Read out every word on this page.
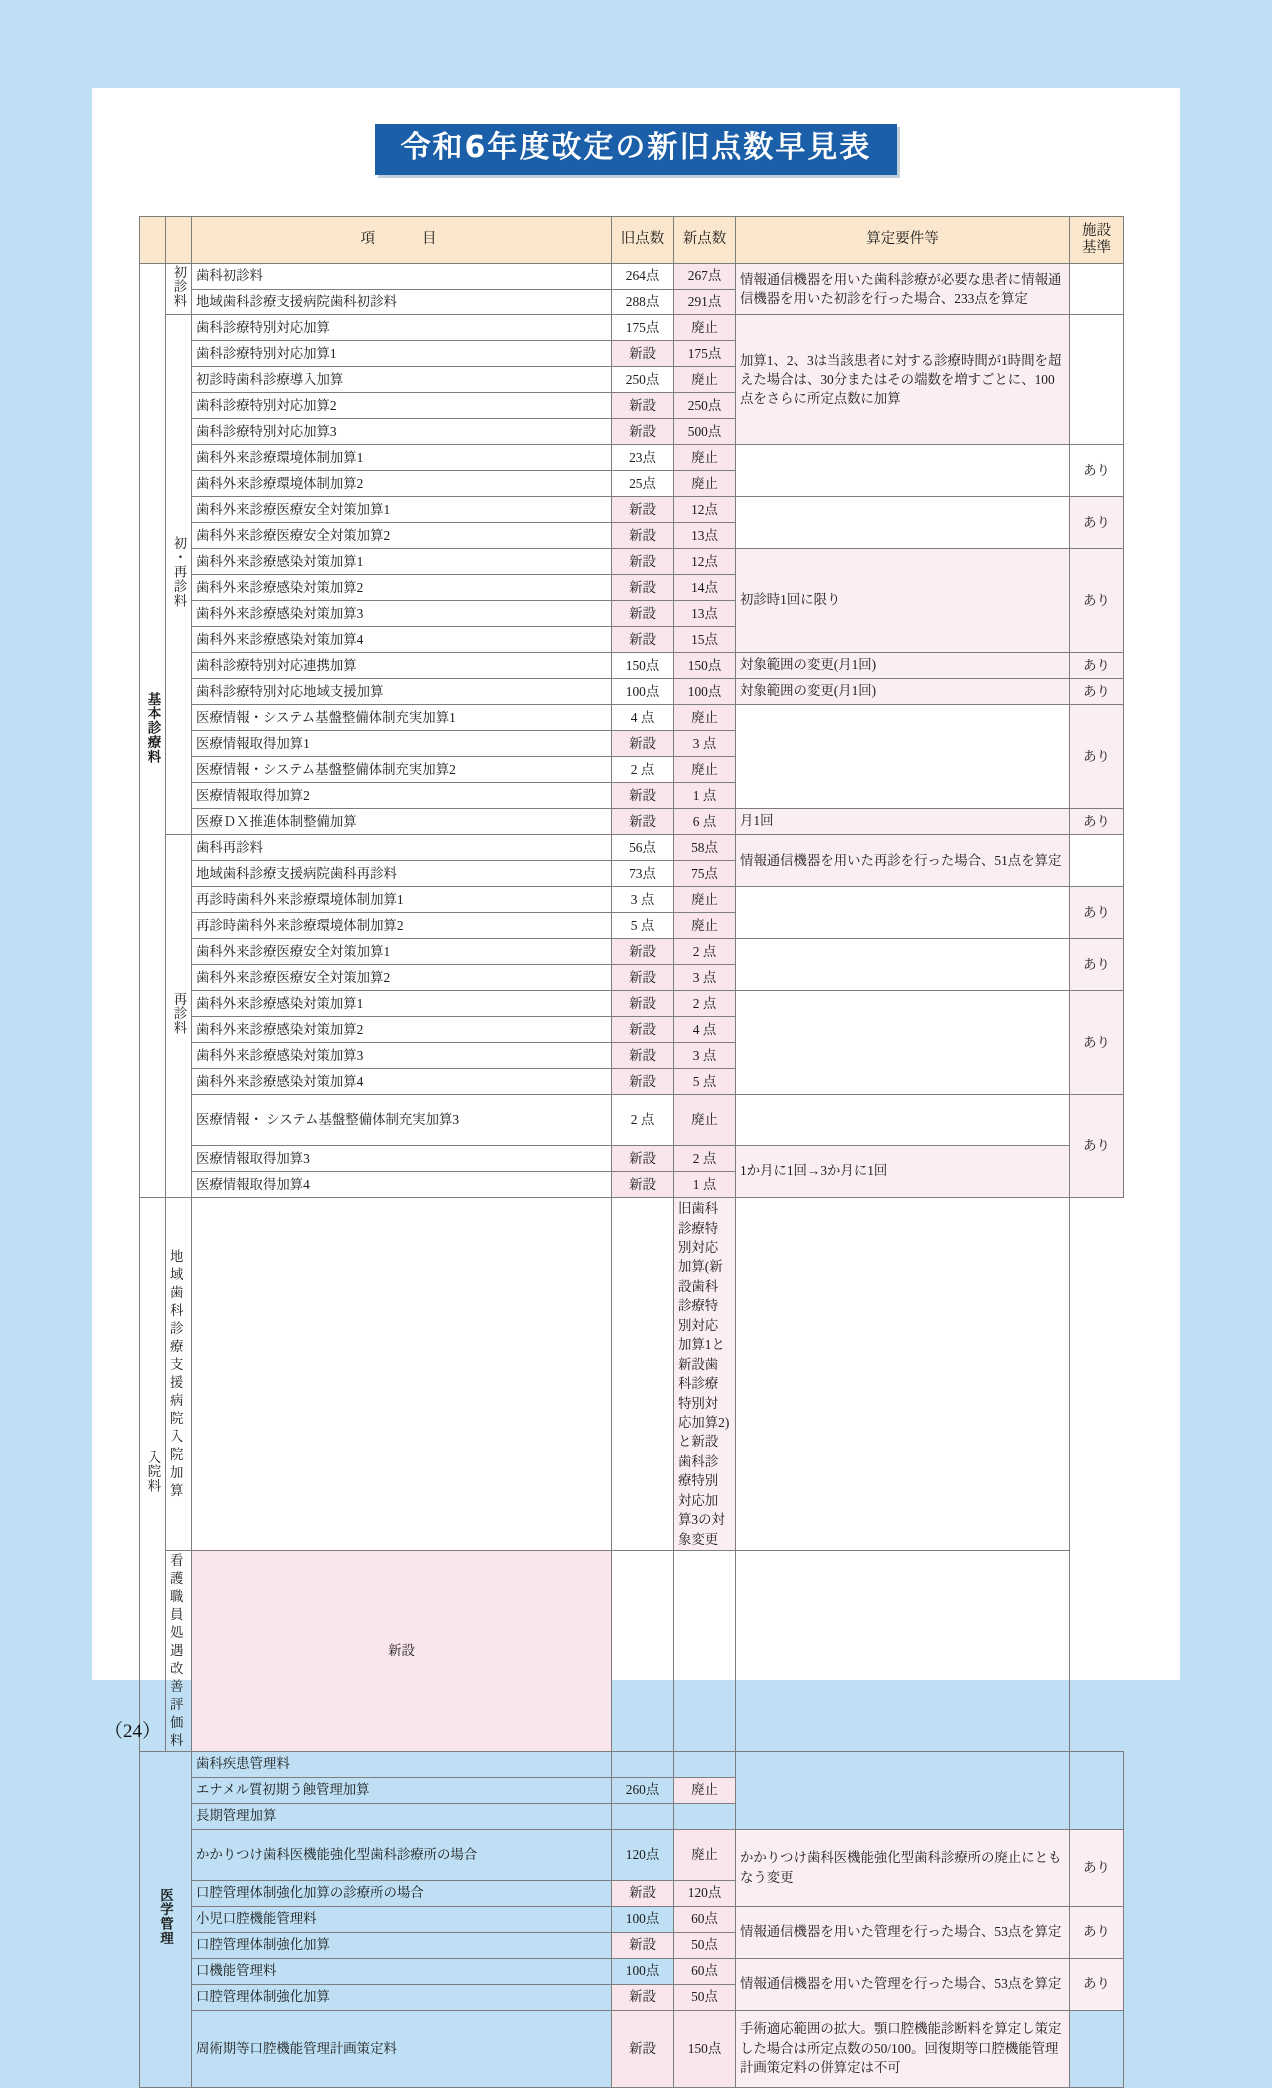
令和6年度改定の新旧点数早見表
		項　　目	旧点数	新点数	算定要件等	施設
基準
基本診療料	初診料	歯科初診料	264点	267点	情報通信機器を用いた歯科診療が必要な患者に情報通信機器を用いた初診を行った場合、233点を算定	
		地域歯科診療支援病院歯科初診料	288点	291点		
	初・再診料	歯科診療特別対応加算	175点	廃止	加算1、2、3は当該患者に対する診療時間が1時間を超えた場合は、30分またはその端数を増すごとに、100点をさらに所定点数に加算	
		歯科診療特別対応加算1	新設	175点		
		初診時歯科診療導入加算	250点	廃止		
		歯科診療特別対応加算2	新設	250点		
		歯科診療特別対応加算3	新設	500点		
		歯科外来診療環境体制加算1	23点	廃止		あり
		歯科外来診療環境体制加算2	25点	廃止		
		歯科外来診療医療安全対策加算1	新設	12点		あり
		歯科外来診療医療安全対策加算2	新設	13点		
		歯科外来診療感染対策加算1	新設	12点	初診時1回に限り	あり
		歯科外来診療感染対策加算2	新設	14点		
		歯科外来診療感染対策加算3	新設	13点		
		歯科外来診療感染対策加算4	新設	15点		
		歯科診療特別対応連携加算	150点	150点	対象範囲の変更(月1回)	あり
		歯科診療特別対応地域支援加算	100点	100点	対象範囲の変更(月1回)	あり
		医療情報・システム基盤整備体制充実加算1	4 点	廃止		あり
		医療情報取得加算1	新設	3 点		
		医療情報・システム基盤整備体制充実加算2	2 点	廃止		
		医療情報取得加算2	新設	1 点		
		医療ＤＸ推進体制整備加算	新設	6 点	月1回	あり
	再診料	歯科再診料	56点	58点	情報通信機器を用いた再診を行った場合、51点を算定	
		地域歯科診療支援病院歯科再診料	73点	75点		
		再診時歯科外来診療環境体制加算1	3 点	廃止		あり
		再診時歯科外来診療環境体制加算2	5 点	廃止		
		歯科外来診療医療安全対策加算1	新設	2 点		あり
		歯科外来診療医療安全対策加算2	新設	3 点		
		歯科外来診療感染対策加算1	新設	2 点		あり
		歯科外来診療感染対策加算2	新設	4 点		
		歯科外来診療感染対策加算3	新設	3 点		
		歯科外来診療感染対策加算4	新設	5 点		
		医療情報・ システム基盤整備体制充実加算3	2 点	廃止		あり
		医療情報取得加算3	新設	2 点	1か月に1回→3か月に1回	
		医療情報取得加算4	新設	1 点		
入院料	地域歯科診療支援病院入院加算			旧歯科診療特別対応加算(新設歯科診療特別対応加算1と新設歯科診療特別対応加算2)と新設歯科診療特別対応加算3の対象変更		
	看護職員処遇改善評価料	新設				
医学管理		歯科疾患管理料				
		エナメル質初期う蝕管理加算	260点	廃止		
		長期管理加算				
		かかりつけ歯科医機能強化型歯科診療所の場合	120点	廃止	かかりつけ歯科医機能強化型歯科診療所の廃止にともなう変更	あり
		口腔管理体制強化加算の診療所の場合	新設	120点		
		小児口腔機能管理料	100点	60点	情報通信機器を用いた管理を行った場合、53点を算定	あり
		口腔管理体制強化加算	新設	50点		
		口機能管理料	100点	60点	情報通信機器を用いた管理を行った場合、53点を算定	あり
		口腔管理体制強化加算	新設	50点		
		周術期等口腔機能管理計画策定料	新設	150点	手術適応範囲の拡大。顎口腔機能診断料を算定し策定した場合は所定点数の50/100。回復期等口腔機能管理計画策定料の併算定は不可	
（24）
